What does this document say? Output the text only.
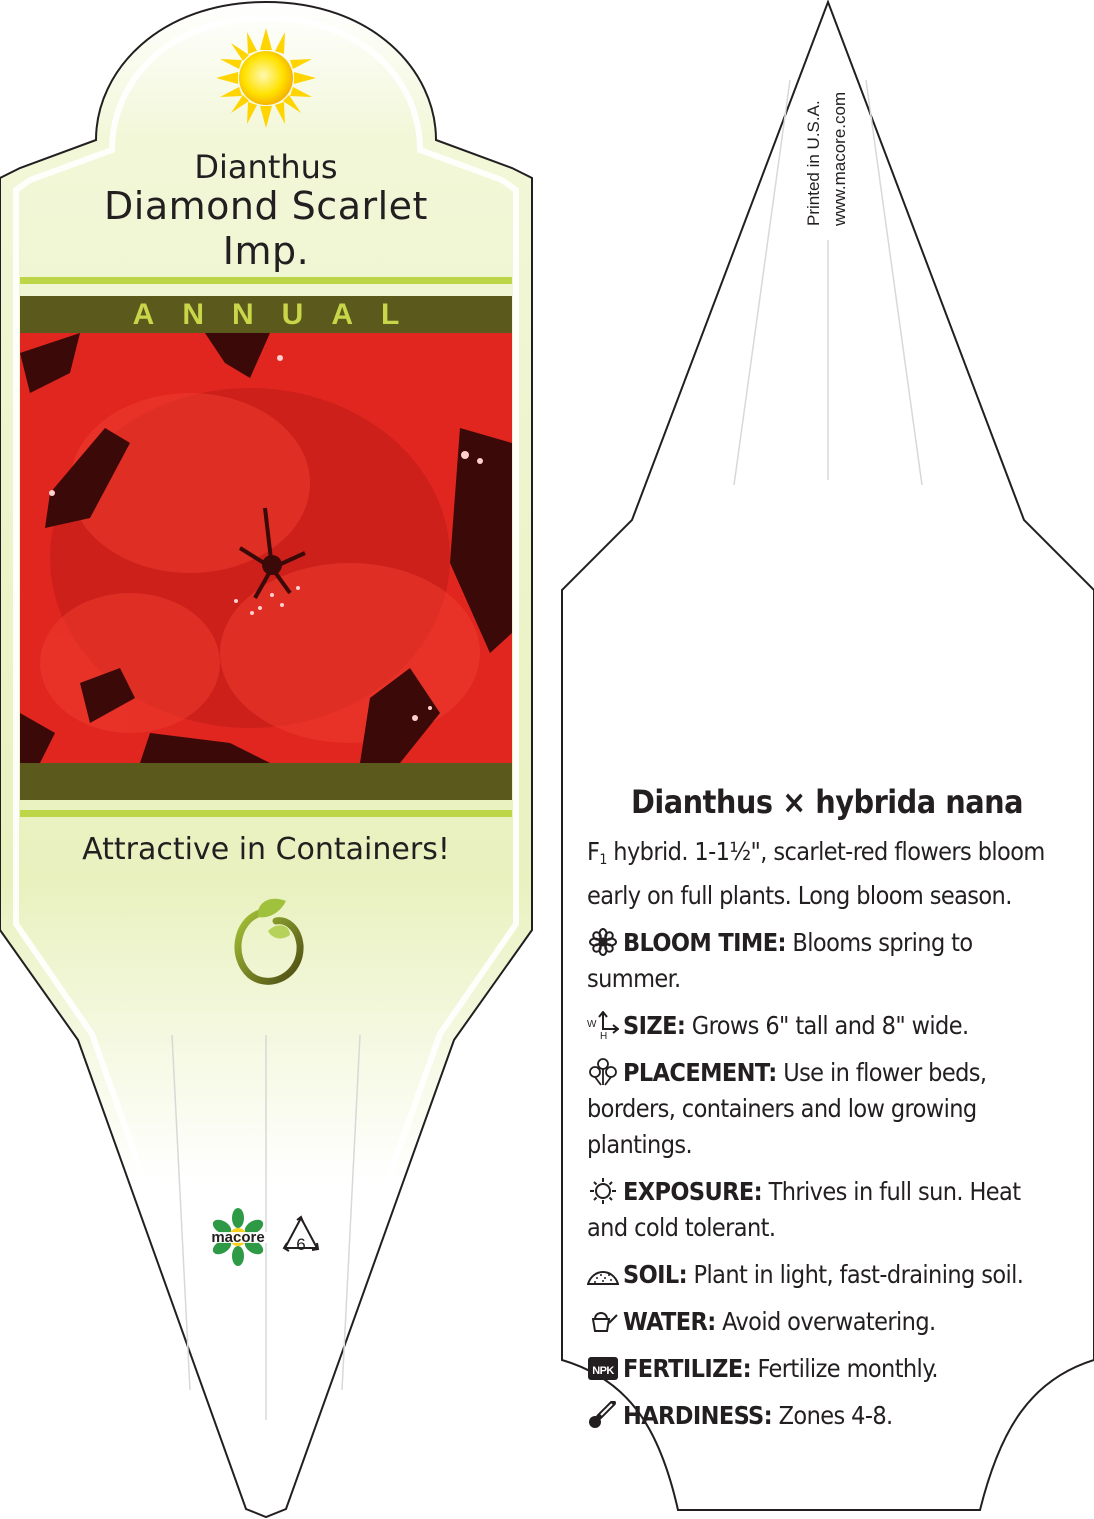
Dianthus
Diamond Scarlet
Imp.
ANNUAL
Attractive in Containers!
macore	6
Printed in U.S.A. www.macore.com
Dianthus × hybrida nana

$F_1$ hybrid. 1-1½", scarlet-red flowers bloom early on full plants. Long bloom season.

BLOOM TIME: Blooms spring to summer.

W
H SIZE: Grows 6" tall and 8" wide.

PLACEMENT: Use in flower beds, borders, containers and low growing plantings.

EXPOSURE: Thrives in full sun. Heat and cold tolerant.

SOIL: Plant in light, fast-draining soil.

WATER: Avoid overwatering.

NPK FERTILIZE: Fertilize monthly.

HARDINESS: Zones 4-8.
